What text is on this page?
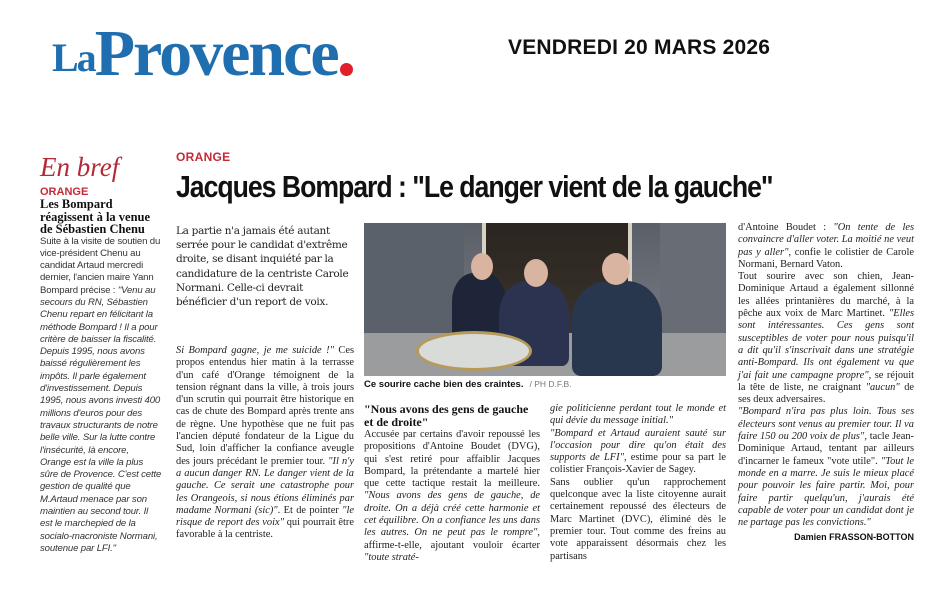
La Provence	VENDREDI 20 MARS 2026
En bref
ORANGE
Les Bompard réagissent à la venue de Sébastien Chenu

Suite à la visite de soutien du vice-président Chenu au candidat Artaud mercredi dernier, l'ancien maire Yann Bompard précise : "Venu au secours du RN, Sébastien Chenu repart en félicitant la méthode Bompard ! Il a pour critère de baisser la fiscalité. Depuis 1995, nous avons baissé régulièrement les impôts. Il parle également d'investissement. Depuis 1995, nous avons investi 400 millions d'euros pour des travaux structurants de notre belle ville. Sur la lutte contre l'insécurité, là encore, Orange est la ville la plus sûre de Provence. C'est cette gestion de qualité que M.Artaud menace par son maintien au second tour. Il est le marchepied de la socialo-macroniste Normani, soutenue par LFI."

ORANGE
Jacques Bompard : "Le danger vient de la gauche"

La partie n'a jamais été autant serrée pour le candidat d'extrême droite, se disant inquiété par la candidature de la centriste Carole Normani. Celle-ci devrait bénéficier d'un report de voix.

Si Bompard gagne, je me suicide !" Ces propos entendus hier matin à la terrasse d'un café d'Orange témoignent de la tension régnant dans la ville, à trois jours d'un scrutin qui pourrait être historique en cas de chute des Bompard après trente ans de règne. Une hypothèse que ne fuit pas l'ancien député fondateur de la Ligue du Sud, loin d'afficher la confiance aveugle des jours précédant le premier tour. "Il n'y a aucun danger RN. Le danger vient de la gauche. Ce serait une catastrophe pour les Orangeois, si nous étions éliminés par madame Normani (sic)". Et de pointer "le risque de report des voix" qui pourrait être favorable à la centriste.
Ce sourire cache bien des craintes. / PH D.F.B.
"Nous avons des gens de gauche et de droite"
Accusée par certains d'avoir repoussé les propositions d'Antoine Boudet (DVG), qui s'est retiré pour affaiblir Jacques Bompard, la prétendante a martelé hier que cette tactique restait la meilleure. "Nous avons des gens de gauche, de droite. On a déjà créé cette harmonie et cet équilibre. On a confiance les uns dans les autres. On ne peut pas le rompre", affirme-t-elle, ajoutant vouloir écarter "toute straté-
gie politicienne perdant tout le monde et qui dévie du message initial."
"Bompard et Artaud auraient sauté sur l'occasion pour dire qu'on était des supports de LFI", estime pour sa part le colistier François-Xavier de Sagey.
Sans oublier qu'un rapprochement quelconque avec la liste citoyenne aurait certainement repoussé des électeurs de Marc Martinet (DVC), éliminé dès le premier tour. Tout comme des freins au vote apparaissent désormais chez les partisans
d'Antoine Boudet : "On tente de les convaincre d'aller voter. La moitié ne veut pas y aller", confie le colistier de Carole Normani, Bernard Vaton.
Tout sourire avec son chien, Jean-Dominique Artaud a également sillonné les allées printanières du marché, à la pêche aux voix de Marc Martinet. "Elles sont intéressantes. Ces gens sont susceptibles de voter pour nous puisqu'il a dit qu'il s'inscrivait dans une stratégie anti-Bompard. Ils ont également vu que j'ai fait une campagne propre", se réjouit la tête de liste, ne craignant "aucun" de ses deux adversaires.
"Bompard n'ira pas plus loin. Tous ses électeurs sont venus au premier tour. Il va faire 150 ou 200 voix de plus", tacle Jean-Dominique Artaud, tentant par ailleurs d'incarner le fameux "vote utile". "Tout le monde en a marre. Je suis le mieux placé pour pouvoir les faire partir. Moi, pour faire partir quelqu'un, j'aurais été capable de voter pour un candidat dont je ne partage pas les convictions."
Damien FRASSON-BOTTON
